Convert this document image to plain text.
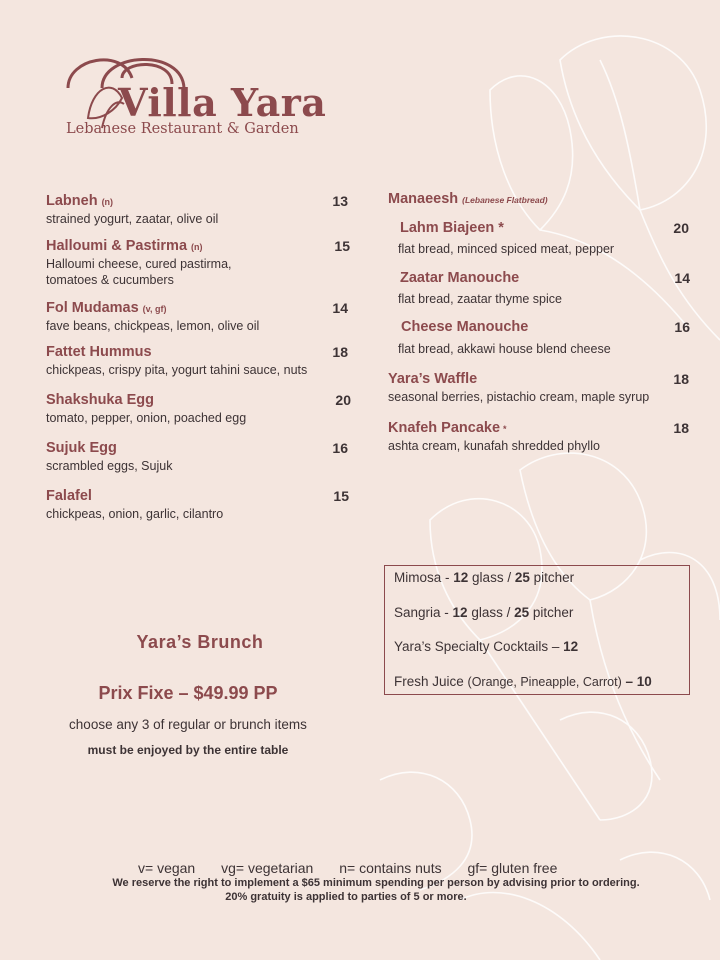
Villa Yara
Lebanese Restaurant & Garden
Labneh (n)
strained yogurt, zaatar, olive oil
13
Halloumi & Pastirma (n)
Halloumi cheese, cured pastirma, tomatoes & cucumbers
15
Fol Mudamas (v, gf)
fave beans, chickpeas, lemon, olive oil
14
Fattet Hummus
chickpeas, crispy pita, yogurt tahini sauce, nuts
18
Shakshuka Egg
tomato, pepper, onion, poached egg
20
Sujuk Egg
scrambled eggs, Sujuk
16
Falafel
chickpeas, onion, garlic, cilantro
15
Manaeesh (Lebanese Flatbread)
Lahm Biajeen *
flat bread, minced spiced meat, pepper
20
Zaatar Manouche
flat bread, zaatar thyme spice
14
Cheese Manouche
flat bread, akkawi house blend cheese
16
Yara’s Waffle
seasonal berries, pistachio cream, maple syrup
18
Knafeh Pancake *
ashta cream, kunafah shredded phyllo
18
Mimosa - 12 glass / 25 pitcher
Sangria - 12 glass / 25 pitcher
Yara’s Specialty Cocktails – 12
Fresh Juice (Orange, Pineapple, Carrot) – 10
Yara’s Brunch
Prix Fixe – $49.99 PP
choose any 3 of regular or brunch items
must be enjoyed by the entire table
v= vegan vg= vegetarian n= contains nuts gf= gluten free
We reserve the right to implement a $65 minimum spending per person by advising prior to ordering.
20% gratuity is applied to parties of 5 or more.
